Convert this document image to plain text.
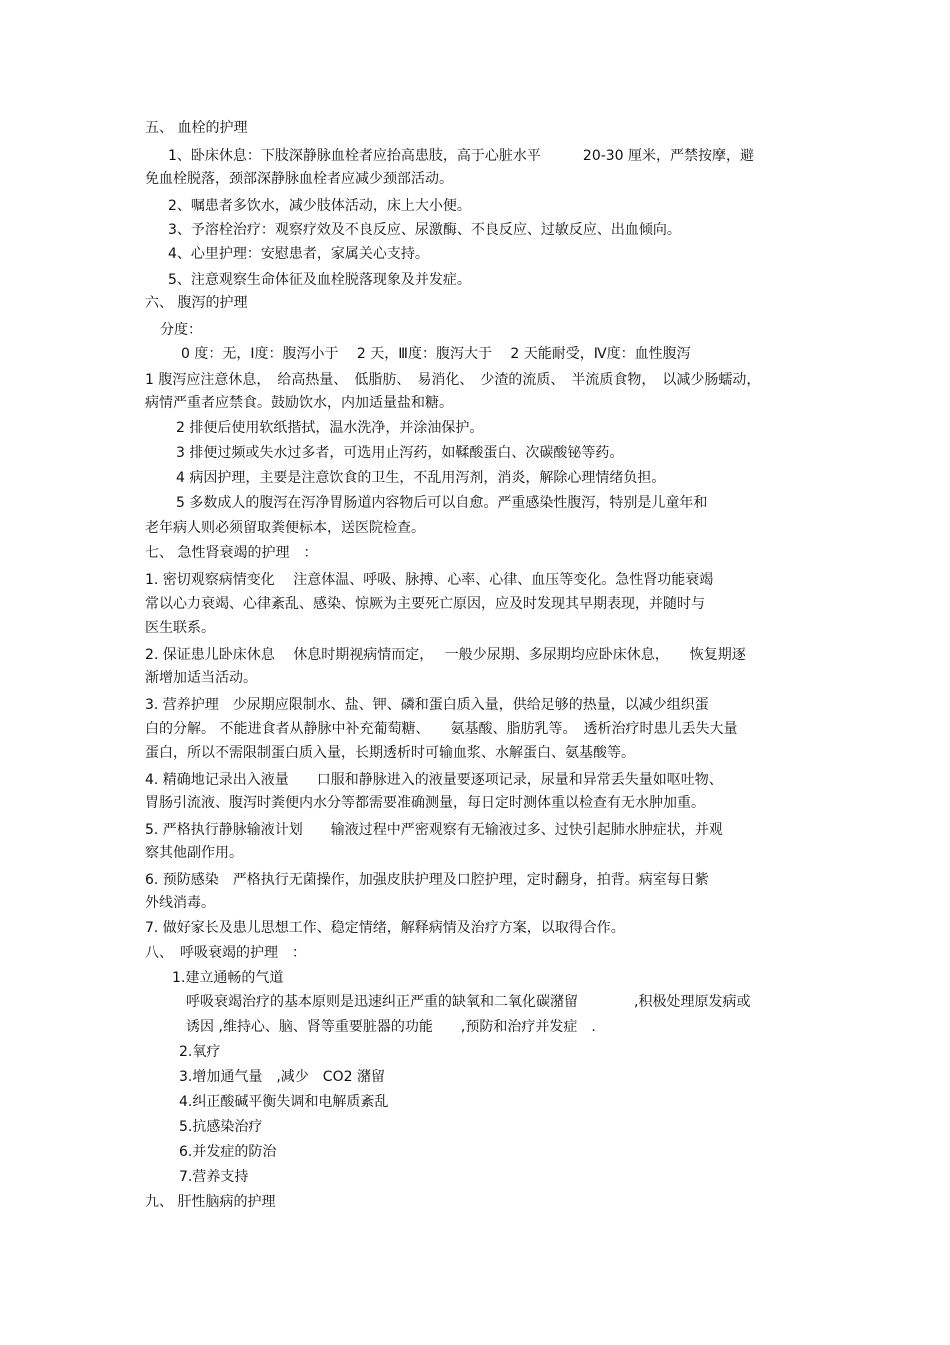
五、 血栓的护理
1、卧床休息：下肢深静脉血栓者应抬高患肢，高于心脏水平　　　20-30 厘米，严禁按摩，避
免血栓脱落，颈部深静脉血栓者应减少颈部活动。
2、嘱患者多饮水，减少肢体活动，床上大小便。
3、予溶栓治疗：观察疗效及不良反应、尿激酶、不良反应、过敏反应、出血倾向。
4、心里护理：安慰患者，家属关心支持。
5、注意观察生命体征及血栓脱落现象及并发症。
六、 腹泻的护理
分度：
0 度：无，Ⅰ度：腹泻小于　 2 天，Ⅲ度：腹泻大于　 2 天能耐受，Ⅳ度：血性腹泻
1 腹泻应注意休息，　给高热量、　低脂肪、　易消化、　少渣的流质、　半流质食物，　以减少肠蠕动，
病情严重者应禁食。鼓励饮水，内加适量盐和糖。
2 排便后使用软纸揩拭，温水洗净，并涂油保护。
3 排便过频或失水过多者，可选用止泻药，如鞣酸蛋白、次碳酸铋等药。
4 病因护理，主要是注意饮食的卫生，不乱用泻剂，消炎，解除心理情绪负担。
5 多数成人的腹泻在泻净胃肠道内容物后可以自愈。严重感染性腹泻，特别是儿童年和
老年病人则必须留取粪便标本，送医院检查。
七、 急性肾衰竭的护理　：
1. 密切观察病情变化　 注意体温、呼吸、脉搏、心率、心律、血压等变化。急性肾功能衰竭
常以心力衰竭、心律紊乱、感染、惊厥为主要死亡原因，应及时发现其早期表现，并随时与
医生联系。
2. 保证患儿卧床休息　 休息时期视病情而定，　 一般少尿期、多尿期均应卧床休息，　　恢复期逐
渐增加适当活动。
3. 营养护理　少尿期应限制水、盐、钾、磷和蛋白质入量，供给足够的热量，以减少组织蛋
白的分解。 不能进食者从静脉中补充葡萄糖、　　氨基酸、脂肪乳等。　透析治疗时患儿丢失大量
蛋白，所以不需限制蛋白质入量，长期透析时可输血浆、水解蛋白、氨基酸等。
4. 精确地记录出入液量　　口服和静脉进入的液量要逐项记录，尿量和异常丢失量如呕吐物、
胃肠引流液、腹泻时粪便内水分等都需要准确测量，每日定时测体重以检查有无水肿加重。
5. 严格执行静脉输液计划　　输液过程中严密观察有无输液过多、过快引起肺水肿症状，并观
察其他副作用。
6. 预防感染　严格执行无菌操作，加强皮肤护理及口腔护理，定时翻身，拍背。病室每日紫
外线消毒。
7. 做好家长及患儿思想工作、稳定情绪，解释病情及治疗方案，以取得合作。
八、　呼吸衰竭的护理　：
1.建立通畅的气道
呼吸衰竭治疗的基本原则是迅速纠正严重的缺氧和二氧化碳潴留　　　　,积极处理原发病或
诱因 ,维持心、脑、肾等重要脏器的功能　　,预防和治疗并发症　.
2.氧疗
3.增加通气量　,减少　CO2 潴留
4.纠正酸碱平衡失调和电解质紊乱
5.抗感染治疗
6.并发症的防治
7.营养支持
九、 肝性脑病的护理
